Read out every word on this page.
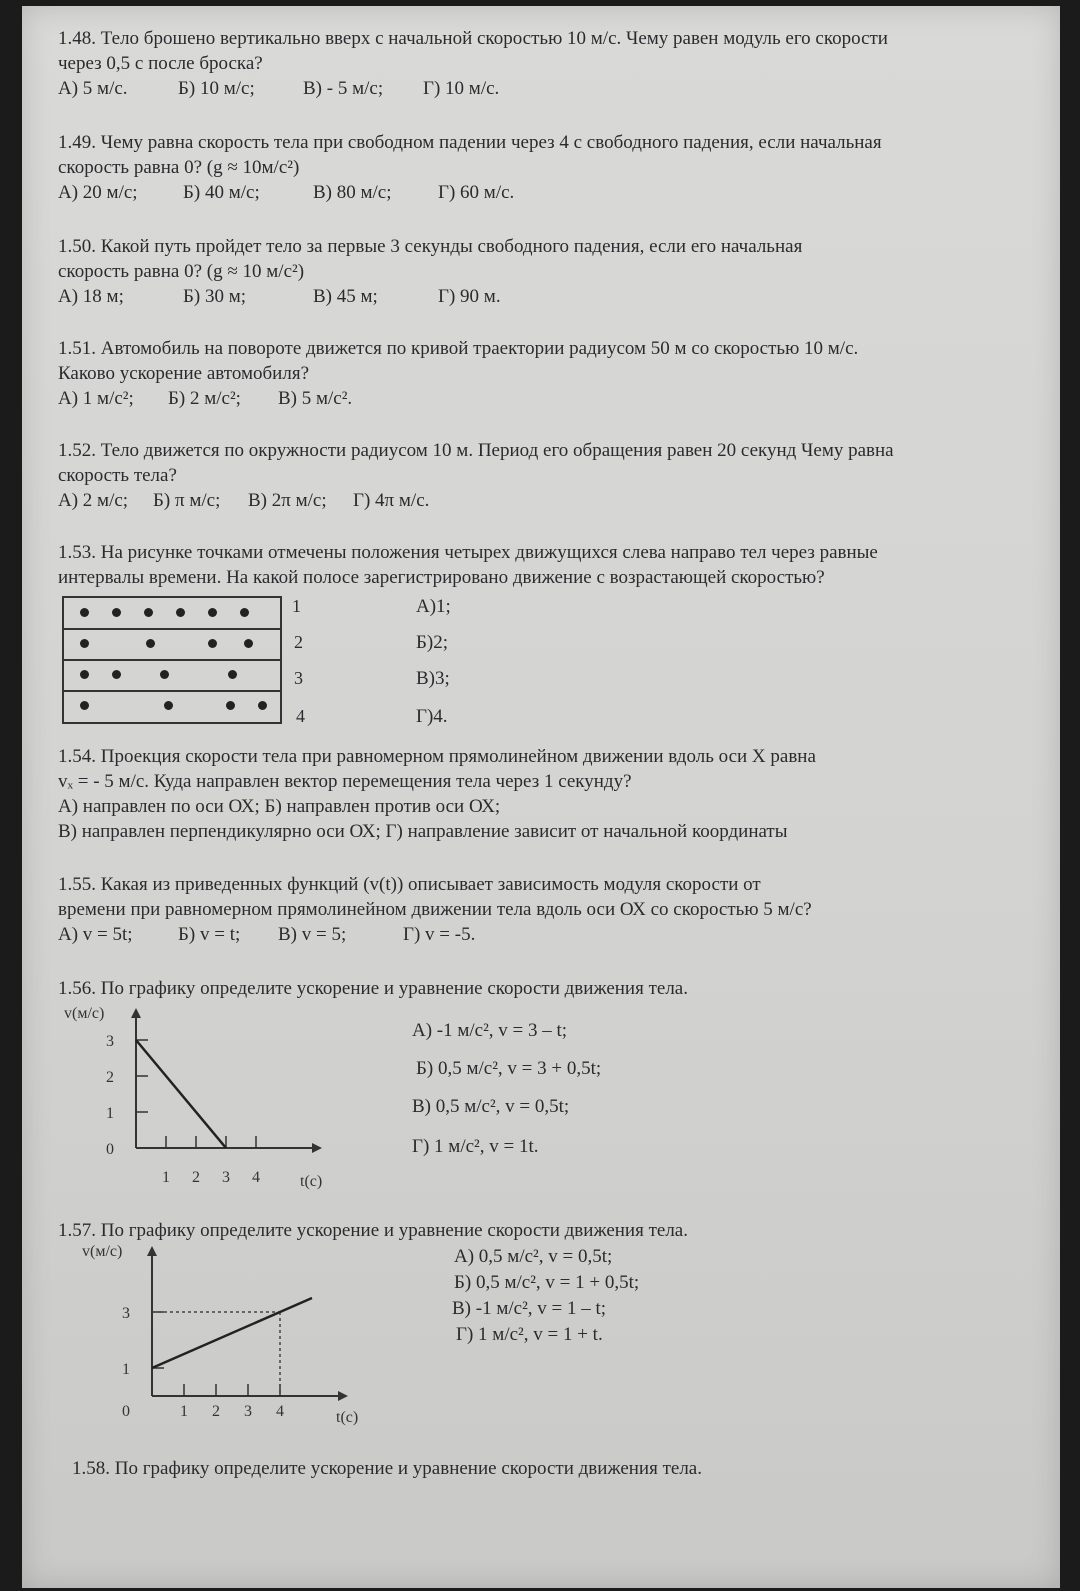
1.48. Тело брошено вертикально вверх с начальной скоростью 10 м/с. Чему равен модуль его скорости

через 0,5 с после броска?

А) 5 м/с.	Б) 10 м/с;	В) - 5 м/с; Г) 10 м/с.

1.49. Чему равна скорость тела при свободном падении через 4 с свободного падения, если начальная

скорость равна 0? (g ≈ 10м/с²)

А) 20 м/с; Б) 40 м/с;	В) 80 м/с; Г) 60 м/с.

1.50. Какой путь пройдет тело за первые 3 секунды свободного падения, если его начальная

скорость равна 0? (g ≈ 10 м/с²)

А) 18 м;	Б) 30 м;	В) 45 м;	Г) 90 м.

1.51. Автомобиль на повороте движется по кривой траектории радиусом 50 м со скоростью 10 м/с.

Каково ускорение автомобиля?

А) 1 м/с²; Б) 2 м/с²; В) 5 м/с².

1.52. Тело движется по окружности радиусом 10 м. Период его обращения равен 20 секунд Чему равна

скорость тела?

А) 2 м/с; Б) π м/с; В) 2π м/с; Г) 4π м/с.

1.53. На рисунке точками отмечены положения четырех движущихся слева направо тел через равные

интервалы времени. На какой полосе зарегистрировано движение с возрастающей скоростью?

1
2
3
4
А)1;
Б)2;
В)3;
Г)4.

1.54. Проекция скорости тела при равномерном прямолинейном движении вдоль оси X равна

vₓ = - 5 м/с. Куда направлен вектор перемещения тела через 1 секунду?

А) направлен по оси ОХ; Б) направлен против оси ОХ;

В) направлен перпендикулярно оси ОХ; Г) направление зависит от начальной координаты

1.55. Какая из приведенных функций (v(t)) описывает зависимость модуля скорости от

времени при равномерном прямолинейном движении тела вдоль оси ОХ со скоростью 5 м/с?

А) v = 5t; Б) v = t; В) v = 5;	Г) v = -5.

1.56. По графику определите ускорение и уравнение скорости движения тела.

v(м/с)
t(c)
1 2 3 4
0
1
2
3
А) -1 м/с², v = 3 – t;
Б) 0,5 м/с², v = 3 + 0,5t;
В) 0,5 м/с², v = 0,5t;
Г) 1 м/с², v = 1t.

1.57. По графику определите ускорение и уравнение скорости движения тела.

v(м/с)
t(c)
0	1 2 3 4
1
3
А) 0,5 м/с², v = 0,5t;
Б) 0,5 м/с², v = 1 + 0,5t;
В) -1 м/с², v = 1 – t;
Г) 1 м/с², v = 1 + t.

1.58. По графику определите ускорение и уравнение скорости движения тела.
